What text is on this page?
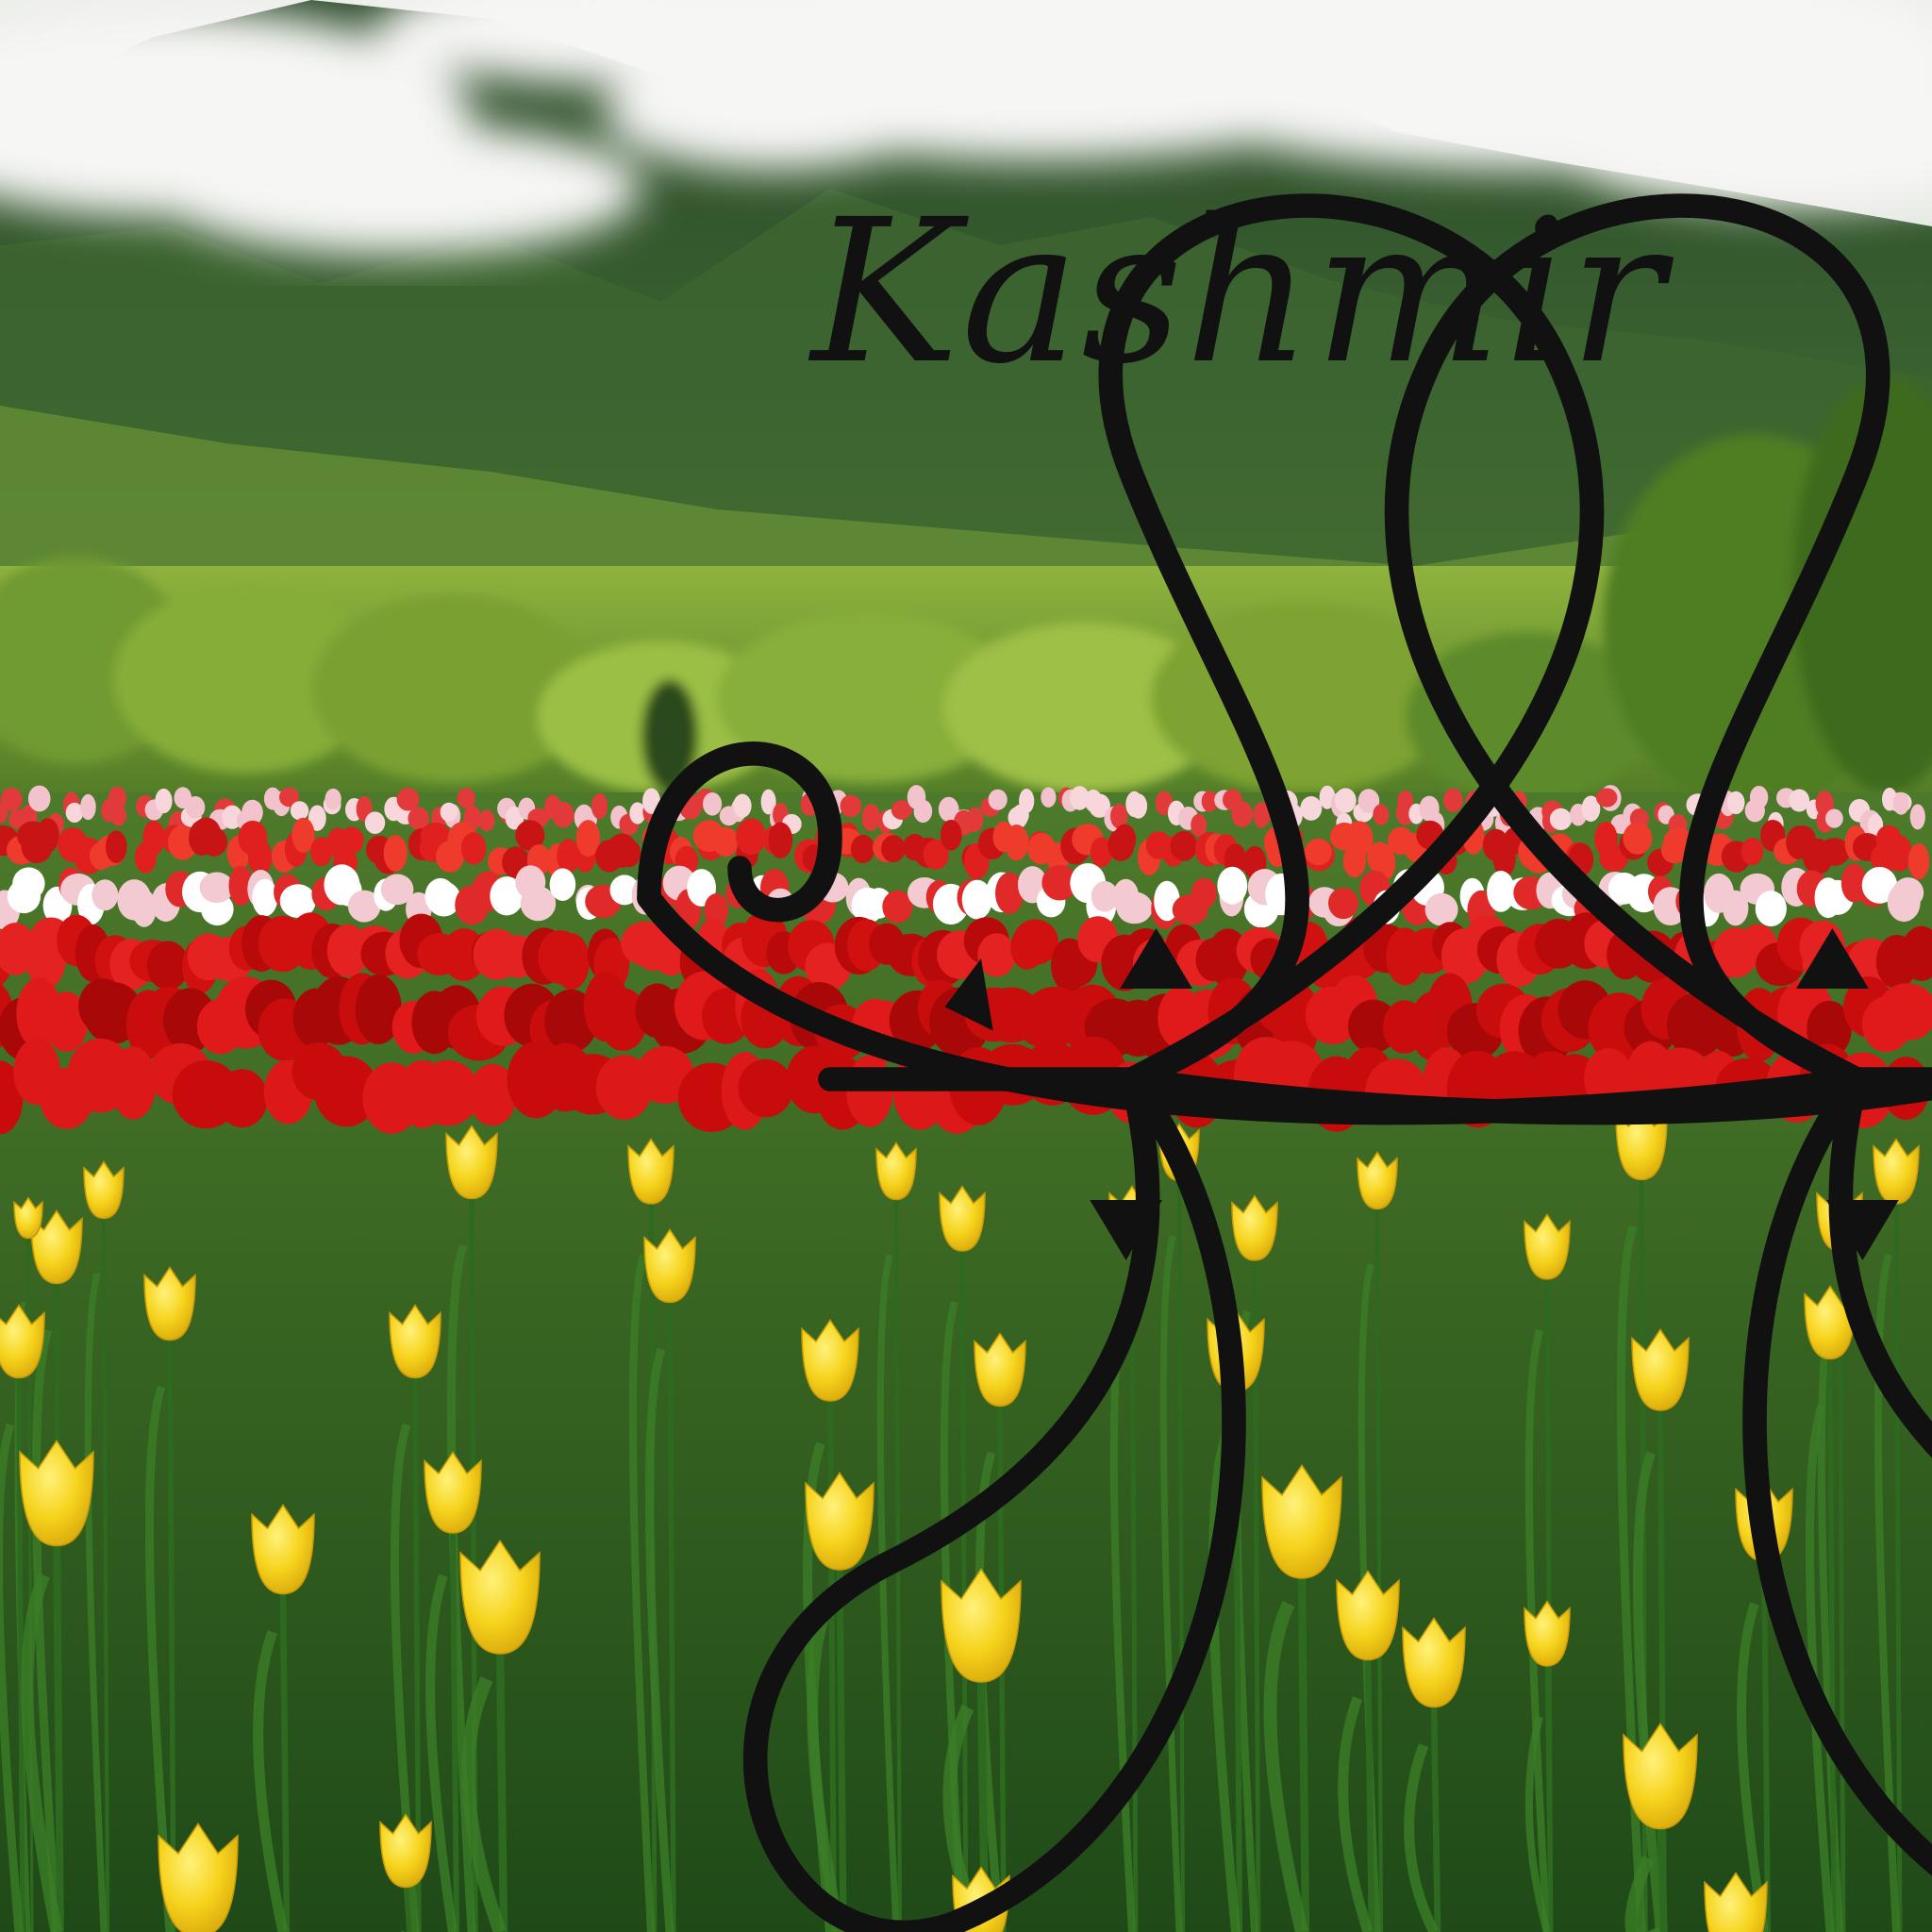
Kashmir
